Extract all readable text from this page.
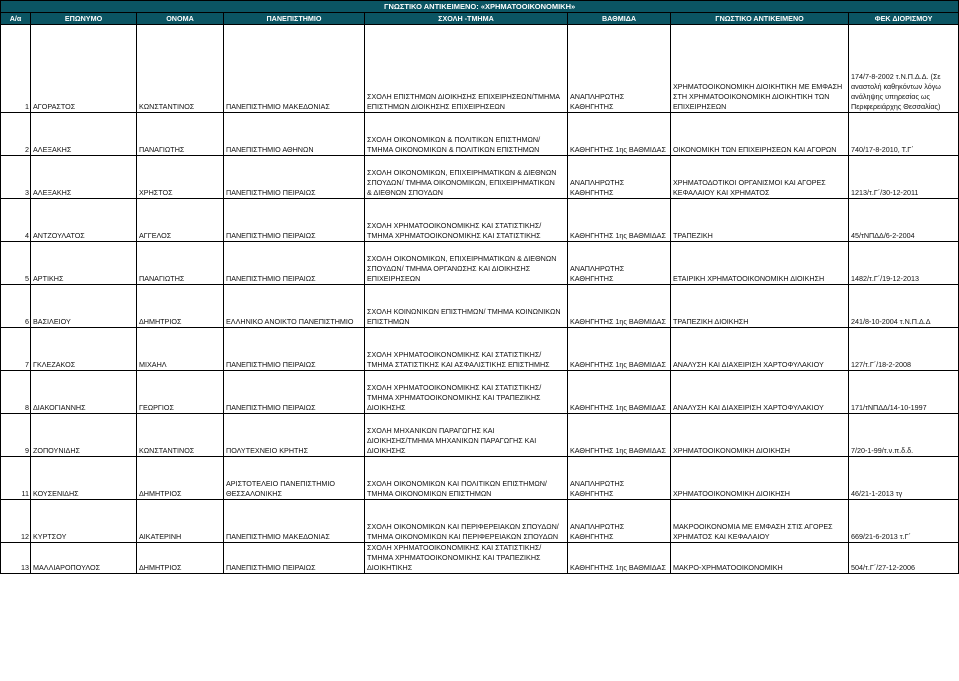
ΓΝΩΣΤΙΚΟ ΑΝΤΙΚΕΙΜΕΝΟ: «ΧΡΗΜΑΤΟΟΙΚΟΝΟΜΙΚΗ»							
Α/α	ΕΠΩΝΥΜΟ	ΟΝΟΜΑ	ΠΑΝΕΠΙΣΤΗΜΙΟ	ΣΧΟΛΗ -ΤΜΗΜΑ	ΒΑΘΜΙΔΑ	ΓΝΩΣΤΙΚΟ ΑΝΤΙΚΕΙΜΕΝΟ	ΦΕΚ ΔΙΟΡΙΣΜΟΥ
1	ΑΓΟΡΑΣΤΟΣ	ΚΩΝΣΤΑΝΤΙΝΟΣ	ΠΑΝΕΠΙΣΤΗΜΙΟ ΜΑΚΕΔΟΝΙΑΣ	ΣΧΟΛΗ ΕΠΙΣΤΗΜΩΝ ΔΙΟΙΚΗΣΗΣ ΕΠΙΧΕΙΡΗΣΕΩΝ/ΤΜΗΜΑ
ΕΠΙΣΤΗΜΩΝ ΔΙΟΙΚΗΣΗΣ ΕΠΙΧΕΙΡΗΣΕΩΝ	ΑΝΑΠΛΗΡΩΤΗΣ
ΚΑΘΗΓΗΤΗΣ	ΧΡΗΜΑΤΟΟΙΚΟΝΟΜΙΚΗ ΔΙΟΙΚΗΤΙΚΗ ΜΕ ΕΜΦΑΣΗ
ΣΤΗ ΧΡΗΜΑΤΟΟΙΚΟΝΟΜΙΚΗ ΔΙΟΙΚΗΤΙΚΗ ΤΩΝ
ΕΠΙΧΕΙΡΗΣΕΩΝ	174/7-8-2002 τ.Ν.Π.Δ.Δ. (Σε
αναστολή καθηκόντων λόγω
ανάληψης υπηρεσίας ως
Περιφερειάρχης Θεσσαλίας)
2	ΑΛΕΞΑΚΗΣ	ΠΑΝΑΓΙΩΤΗΣ	ΠΑΝΕΠΙΣΤΗΜΙΟ ΑΘΗΝΩΝ	ΣΧΟΛΗ ΟΙΚΟΝΟΜΙΚΩΝ & ΠΟΛΙΤΙΚΩΝ ΕΠΙΣΤΗΜΩΝ/
ΤΜΗΜΑ ΟΙΚΟΝΟΜΙΚΩΝ & ΠΟΛΙΤΙΚΩΝ ΕΠΙΣΤΗΜΩΝ	ΚΑΘΗΓΗΤΗΣ 1ης ΒΑΘΜΙΔΑΣ	ΟΙΚΟΝΟΜΙΚΗ ΤΩΝ ΕΠΙΧΕΙΡΗΣΕΩΝ ΚΑΙ ΑΓΟΡΩΝ	740/17-8-2010, Τ.Γ΄
3	ΑΛΕΞΑΚΗΣ	ΧΡΗΣΤΟΣ	ΠΑΝΕΠΙΣΤΗΜΙΟ ΠΕΙΡΑΙΩΣ	ΣΧΟΛΗ ΟΙΚΟΝΟΜΙΚΩΝ, ΕΠΙΧΕΙΡΗΜΑΤΙΚΩΝ & ΔΙΕΘΝΩΝ
ΣΠΟΥΔΩΝ/ ΤΜΗΜΑ ΟΙΚΟΝΟΜΙΚΩΝ, ΕΠΙΧΕΙΡΗΜΑΤΙΚΩΝ
& ΔΙΕΘΝΩΝ ΣΠΟΥΔΩΝ	ΑΝΑΠΛΗΡΩΤΗΣ
ΚΑΘΗΓΗΤΗΣ	ΧΡΗΜΑΤΟΔΟΤΙΚΟΙ ΟΡΓΑΝΙΣΜΟΙ ΚΑΙ ΑΓΟΡΕΣ
ΚΕΦΑΛΑΙΟΥ ΚΑΙ ΧΡΗΜΑΤΟΣ	1213/τ.Γ΄/30-12-2011
4	ΑΝΤΖΟΥΛΑΤΟΣ	ΑΓΓΕΛΟΣ	ΠΑΝΕΠΙΣΤΗΜΙΟ ΠΕΙΡΑΙΩΣ	ΣΧΟΛΗ ΧΡΗΜΑΤΟΟΙΚΟΝΟΜΙΚΗΣ ΚΑΙ ΣΤΑΤΙΣΤΙΚΗΣ/
ΤΜΗΜΑ ΧΡΗΜΑΤΟΟΙΚΟΝΟΜΙΚΗΣ ΚΑΙ ΣΤΑΤΙΣΤΙΚΗΣ	ΚΑΘΗΓΗΤΗΣ 1ης ΒΑΘΜΙΔΑΣ	ΤΡΑΠΕΖΙΚΗ	45/τΝΠΔΔ/6-2-2004
5	ΑΡΤΙΚΗΣ	ΠΑΝΑΓΙΩΤΗΣ	ΠΑΝΕΠΙΣΤΗΜΙΟ ΠΕΙΡΑΙΩΣ	ΣΧΟΛΗ ΟΙΚΟΝΟΜΙΚΩΝ, ΕΠΙΧΕΙΡΗΜΑΤΙΚΩΝ & ΔΙΕΘΝΩΝ
ΣΠΟΥΔΩΝ/ ΤΜΗΜΑ ΟΡΓΑΝΩΣΗΣ ΚΑΙ ΔΙΟΙΚΗΣΗΣ
ΕΠΙΧΕΙΡΗΣΕΩΝ	ΑΝΑΠΛΗΡΩΤΗΣ
ΚΑΘΗΓΗΤΗΣ	ΕΤΑΙΡΙΚΗ ΧΡΗΜΑΤΟΟΙΚΟΝΟΜΙΚΗ ΔΙΟΙΚΗΣΗ	1482/τ.Γ΄/19-12-2013
6	ΒΑΣΙΛΕΙΟΥ	ΔΗΜΗΤΡΙΟΣ	ΕΛΛΗΝΙΚΟ ΑΝΟΙΚΤΟ ΠΑΝΕΠΙΣΤΗΜΙΟ	ΣΧΟΛΗ ΚΟΙΝΩΝΙΚΩΝ ΕΠΙΣΤΗΜΩΝ/ ΤΜΗΜΑ ΚΟΙΝΩΝΙΚΩΝ
ΕΠΙΣΤΗΜΩΝ	ΚΑΘΗΓΗΤΗΣ 1ης ΒΑΘΜΙΔΑΣ	ΤΡΑΠΕΖΙΚΗ ΔΙΟΙΚΗΣΗ	241/8-10-2004 τ.Ν.Π.Δ.Δ
7	ΓΚΛΕΖΑΚΟΣ	ΜΙΧΑΗΛ	ΠΑΝΕΠΙΣΤΗΜΙΟ ΠΕΙΡΑΙΩΣ	ΣΧΟΛΗ ΧΡΗΜΑΤΟΟΙΚΟΝΟΜΙΚΗΣ ΚΑΙ ΣΤΑΤΙΣΤΙΚΗΣ/
ΤΜΗΜΑ ΣΤΑΤΙΣΤΙΚΗΣ ΚΑΙ ΑΣΦΑΛΙΣΤΙΚΗΣ ΕΠΙΣΤΗΜΗΣ	ΚΑΘΗΓΗΤΗΣ 1ης ΒΑΘΜΙΔΑΣ	ΑΝΑΛΥΣΗ ΚΑΙ ΔΙΑΧΕΙΡΙΣΗ ΧΑΡΤΟΦΥΛΑΚΙΟΥ	127/τ.Γ΄/18-2-2008
8	ΔΙΑΚΟΓΙΑΝΝΗΣ	ΓΕΩΡΓΙΟΣ	ΠΑΝΕΠΙΣΤΗΜΙΟ ΠΕΙΡΑΙΩΣ	ΣΧΟΛΗ ΧΡΗΜΑΤΟΟΙΚΟΝΟΜΙΚΗΣ ΚΑΙ ΣΤΑΤΙΣΤΙΚΗΣ/
ΤΜΗΜΑ ΧΡΗΜΑΤΟΟΙΚΟΝΟΜΙΚΗΣ ΚΑΙ ΤΡΑΠΕΖΙΚΗΣ
ΔΙΟΙΚΗΣΗΣ	ΚΑΘΗΓΗΤΗΣ 1ης ΒΑΘΜΙΔΑΣ	ΑΝΑΛΥΣΗ ΚΑΙ ΔΙΑΧΕΙΡΙΣΗ ΧΑΡΤΟΦΥΛΑΚΙΟΥ	171/τΝΠΔΔ/14-10-1997
9	ΖΟΠΟΥΝΙΔΗΣ	ΚΩΝΣΤΑΝΤΙΝΟΣ	ΠΟΛΥΤΕΧΝΕΙΟ ΚΡΗΤΗΣ	ΣΧΟΛΗ ΜΗΧΑΝΙΚΩΝ ΠΑΡΑΓΩΓΗΣ ΚΑΙ
ΔΙΟΙΚΗΣΗΣ/ΤΜΗΜΑ ΜΗΧΑΝΙΚΩΝ ΠΑΡΑΓΩΓΗΣ ΚΑΙ
ΔΙΟΙΚΗΣΗΣ	ΚΑΘΗΓΗΤΗΣ 1ης ΒΑΘΜΙΔΑΣ	ΧΡΗΜΑΤΟΟΙΚΟΝΟΜΙΚΗ ΔΙΟΙΚΗΣΗ	7/20-1-99/τ.ν.π.δ.δ.
11	ΚΟΥΣΕΝΙΔΗΣ	ΔΗΜΗΤΡΙΟΣ	ΑΡΙΣΤΟΤΕΛΕΙΟ ΠΑΝΕΠΙΣΤΗΜΙΟ
ΘΕΣΣΑΛΟΝΙΚΗΣ	ΣΧΟΛΗ ΟΙΚΟΝΟΜΙΚΩΝ ΚΑΙ ΠΟΛΙΤΙΚΩΝ ΕΠΙΣΤΗΜΩΝ/
ΤΜΗΜΑ ΟΙΚΟΝΟΜΙΚΩΝ ΕΠΙΣΤΗΜΩΝ	ΑΝΑΠΛΗΡΩΤΗΣ
ΚΑΘΗΓΗΤΗΣ	ΧΡΗΜΑΤΟΟΙΚΟΝΟΜΙΚΗ ΔΙΟΙΚΗΣΗ	46/21-1-2013 τγ
12	ΚΥΡΤΣΟΥ	ΑΙΚΑΤΕΡΙΝΗ	ΠΑΝΕΠΙΣΤΗΜΙΟ ΜΑΚΕΔΟΝΙΑΣ	ΣΧΟΛΗ ΟΙΚΟΝΟΜΙΚΩΝ ΚΑΙ ΠΕΡΙΦΕΡΕΙΑΚΩΝ ΣΠΟΥΔΩΝ/
ΤΜΗΜΑ ΟΙΚΟΝΟΜΙΚΩΝ ΚΑΙ ΠΕΡΙΦΕΡΕΙΑΚΩΝ ΣΠΟΥΔΩΝ	ΑΝΑΠΛΗΡΩΤΗΣ
ΚΑΘΗΓΗΤΗΣ	ΜΑΚΡΟΟΙΚΟΝΟΜΙΑ ΜΕ ΕΜΦΑΣΗ ΣΤΙΣ ΑΓΟΡΕΣ
ΧΡΗΜΑΤΟΣ ΚΑΙ ΚΕΦΑΛΑΙΟΥ	669/21-6-2013 τ.Γ΄
13	ΜΑΛΛΙΑΡΟΠΟΥΛΟΣ	ΔΗΜΗΤΡΙΟΣ	ΠΑΝΕΠΙΣΤΗΜΙΟ ΠΕΙΡΑΙΩΣ	ΣΧΟΛΗ ΧΡΗΜΑΤΟΟΙΚΟΝΟΜΙΚΗΣ ΚΑΙ ΣΤΑΤΙΣΤΙΚΗΣ/
ΤΜΗΜΑ ΧΡΗΜΑΤΟΟΙΚΟΝΟΜΙΚΗΣ ΚΑΙ ΤΡΑΠΕΖΙΚΗΣ
ΔΙΟΙΚΗΤΙΚΗΣ	ΚΑΘΗΓΗΤΗΣ 1ης ΒΑΘΜΙΔΑΣ	ΜΑΚΡΟ-ΧΡΗΜΑΤΟΟΙΚΟΝΟΜΙΚΗ	504/τ.Γ΄/27-12-2006
